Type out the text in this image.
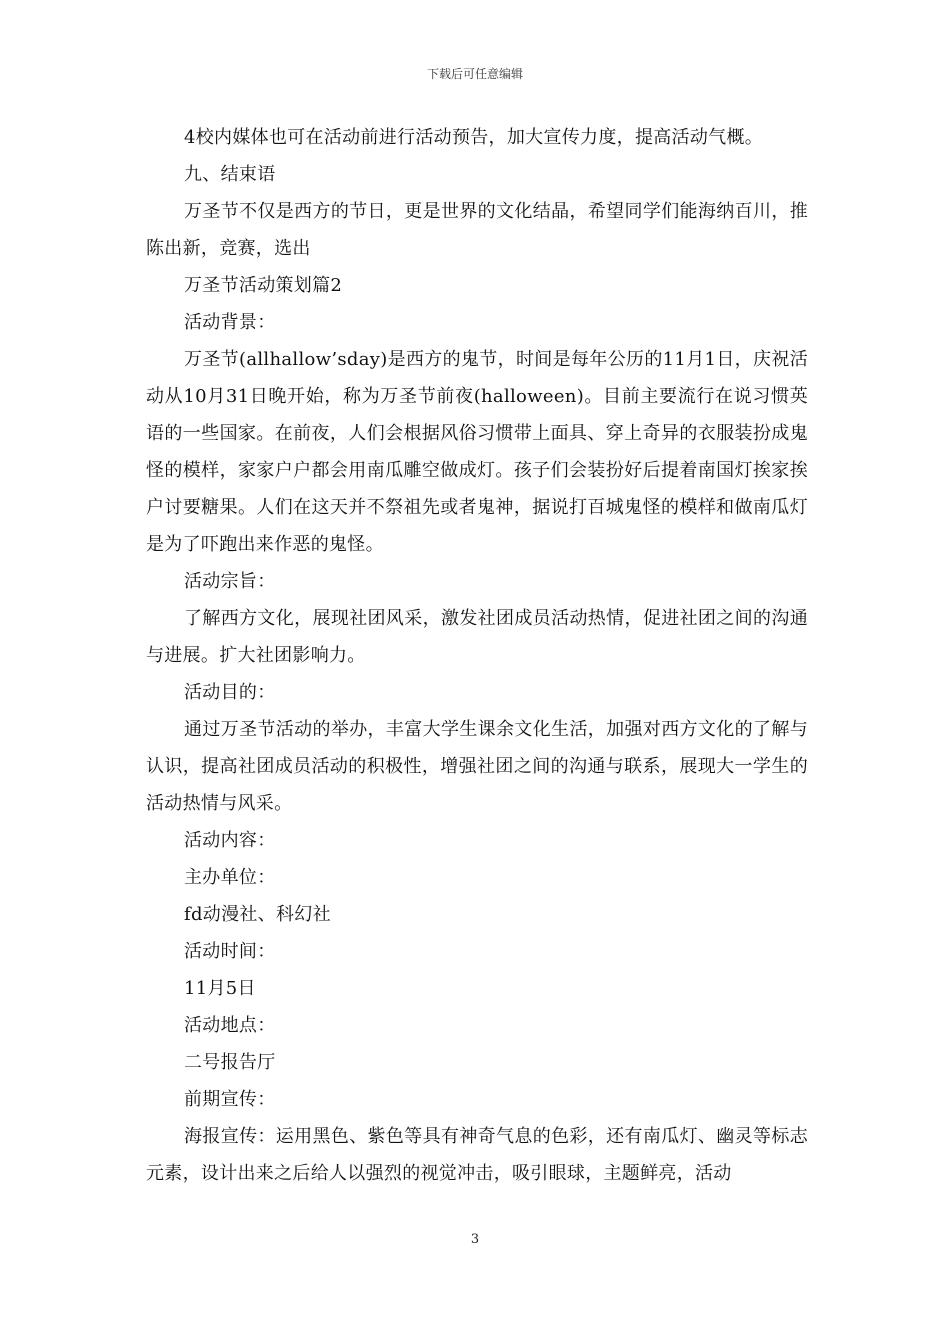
下载后可任意编辑

4校内媒体也可在活动前进行活动预告，加大宣传力度，提高活动气概。

九、结束语

万圣节不仅是西方的节日，更是世界的文化结晶，希望同学们能海纳百川，推陈出新，竞赛，选出

万圣节活动策划篇2

活动背景：

万圣节(allhallow’sday)是西方的鬼节，时间是每年公历的11月1日，庆祝活动从10月31日晚开始，称为万圣节前夜(halloween)。目前主要流行在说习惯英语的一些国家。在前夜，人们会根据风俗习惯带上面具、穿上奇异的衣服装扮成鬼怪的模样，家家户户都会用南瓜雕空做成灯。孩子们会装扮好后提着南国灯挨家挨户讨要糖果。人们在这天并不祭祖先或者鬼神，据说打百城鬼怪的模样和做南瓜灯是为了吓跑出来作恶的鬼怪。

活动宗旨：

了解西方文化，展现社团风采，激发社团成员活动热情，促进社团之间的沟通与进展。扩大社团影响力。

活动目的：

通过万圣节活动的举办，丰富大学生课余文化生活，加强对西方文化的了解与认识，提高社团成员活动的积极性，增强社团之间的沟通与联系，展现大一学生的活动热情与风采。

活动内容：

主办单位：

fd动漫社、科幻社

活动时间：

11月5日

活动地点：

二号报告厅

前期宣传：

海报宣传：运用黑色、紫色等具有神奇气息的色彩，还有南瓜灯、幽灵等标志元素，设计出来之后给人以强烈的视觉冲击，吸引眼球，主题鲜亮，活动

3
